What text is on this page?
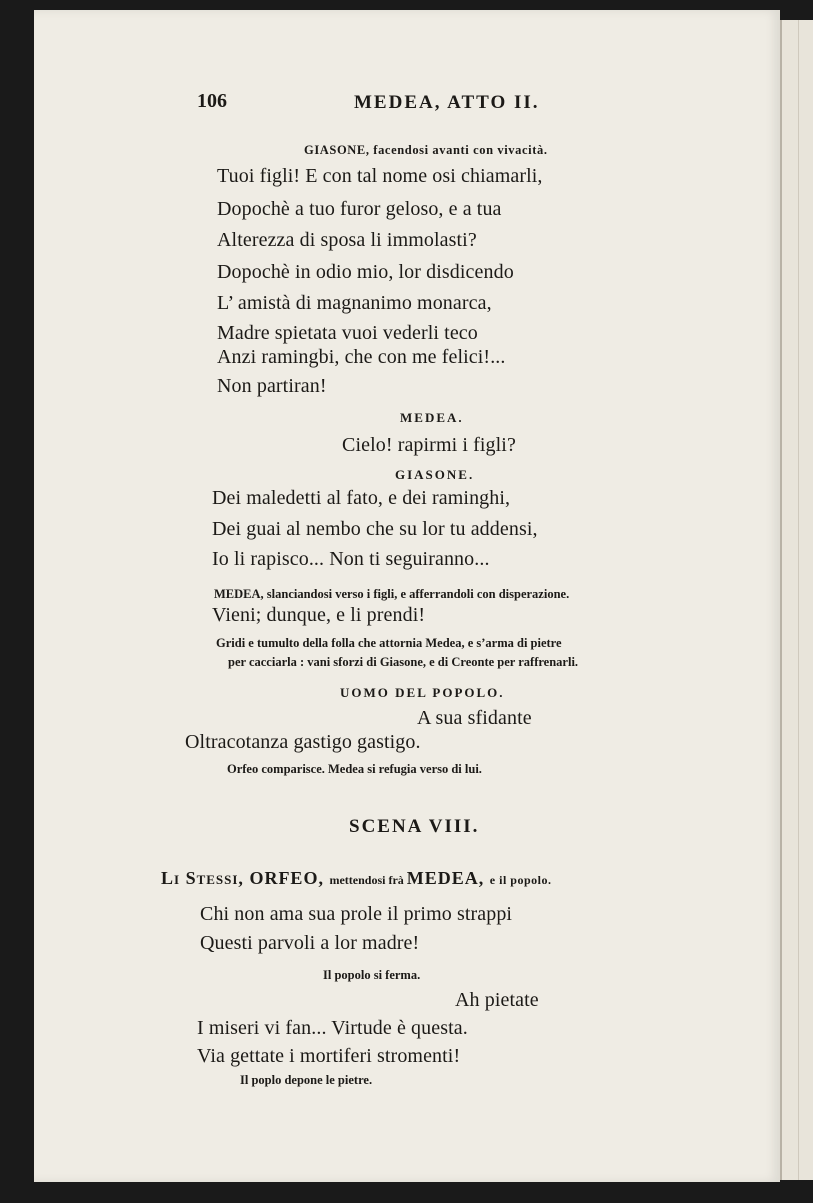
106	MEDEA, ATTO II.
GIASONE, facendosi avanti con vivacità.
Tuoi figli! E con tal nome osi chiamarli,
Dopochè a tuo furor geloso, e a tua
Alterezza di sposa li immolasti?
Dopochè in odio mio, lor disdicendo
L’ amistà di magnanimo monarca,
Madre spietata vuoi vederli teco
Anzi ramingbi, che con me felici!...
Non partiran!
MEDEA.
Cielo! rapirmi i figli?
GIASONE.
Dei maledetti al fato, e dei raminghi,
Dei guai al nembo che su lor tu addensi,
Io li rapisco... Non ti seguiranno...
MEDEA, slanciandosi verso i figli, e afferrandoli con disperazione.
Vieni; dunque, e li prendi!
Gridi e tumulto della folla che attornia Medea, e s’arma di pietre
per cacciarla : vani sforzi di Giasone, e di Creonte per raffrenarli.
UOMO DEL POPOLO.
A sua sfidante
Oltracotanza gastigo gastigo.
Orfeo comparisce. Medea si refugia verso di lui.
SCENA VIII.
Li Stessi, ORFEO, mettendosi frà MEDEA, e il popolo.
Chi non ama sua prole il primo strappi
Questi parvoli a lor madre!
Il popolo si ferma.
Ah pietate
I miseri vi fan... Virtude è questa.
Via gettate i mortiferi stromenti!
Il poplo depone le pietre.
